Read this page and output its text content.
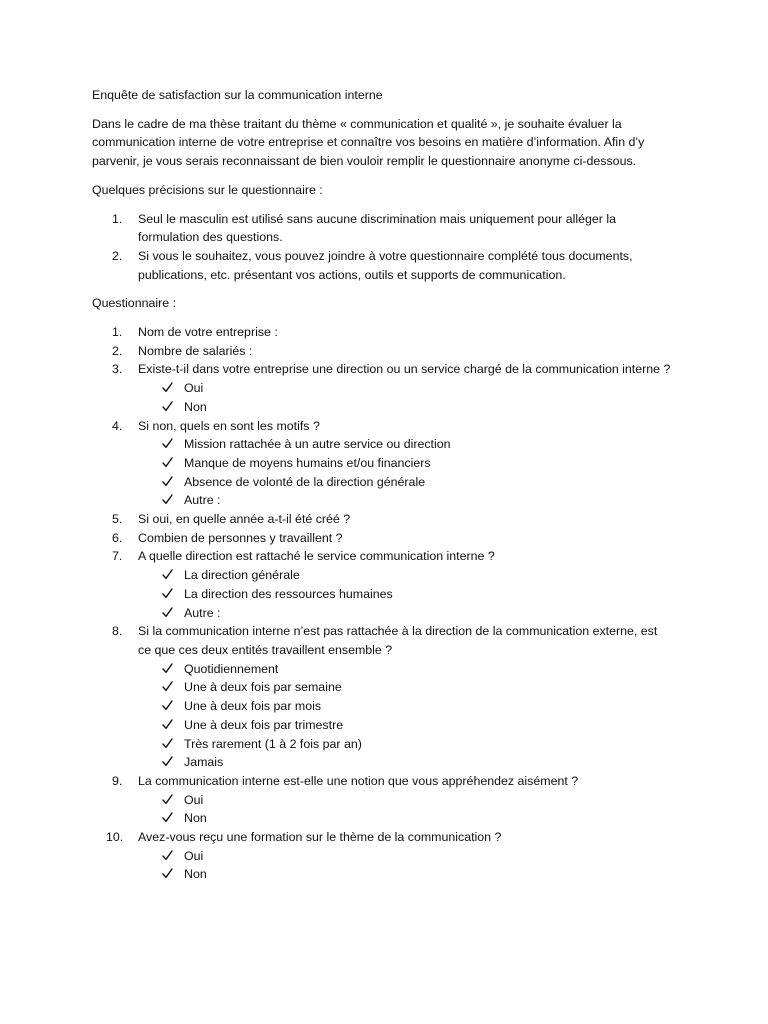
Enquête de satisfaction sur la communication interne

Dans le cadre de ma thèse traitant du thème « communication et qualité », je souhaite évaluer la communication interne de votre entreprise et connaître vos besoins en matière d’information. Afin d’y parvenir, je vous serais reconnaissant de bien vouloir remplir le questionnaire anonyme ci-dessous.

Quelques précisions sur le questionnaire :

1.	Seul le masculin est utilisé sans aucune discrimination mais uniquement pour alléger la formulation des questions.
2.	Si vous le souhaitez, vous pouvez joindre à votre questionnaire complété tous documents, publications, etc. présentant vos actions, outils et supports de communication.

Questionnaire :

1.	Nom de votre entreprise :
2.	Nombre de salariés :
3.	Existe-t-il dans votre entreprise une direction ou un service chargé de la communication interne ?
Oui
Non
4.	Si non, quels en sont les motifs ?
Mission rattachée à un autre service ou direction
Manque de moyens humains et/ou financiers
Absence de volonté de la direction générale
Autre :
5.	Si oui, en quelle année a-t-il été créé ?
6.	Combien de personnes y travaillent ?
7.	A quelle direction est rattaché le service communication interne ?
La direction générale
La direction des ressources humaines
Autre :
8.	Si la communication interne n’est pas rattachée à la direction de la communication externe, est ce que ces deux entités travaillent ensemble ?
Quotidiennement
Une à deux fois par semaine
Une à deux fois par mois
Une à deux fois par trimestre
Très rarement (1 à 2 fois par an)
Jamais
9.	La communication interne est-elle une notion que vous appréhendez aisément ?
Oui
Non
10.	Avez-vous reçu une formation sur le thème de la communication ?
Oui
Non
